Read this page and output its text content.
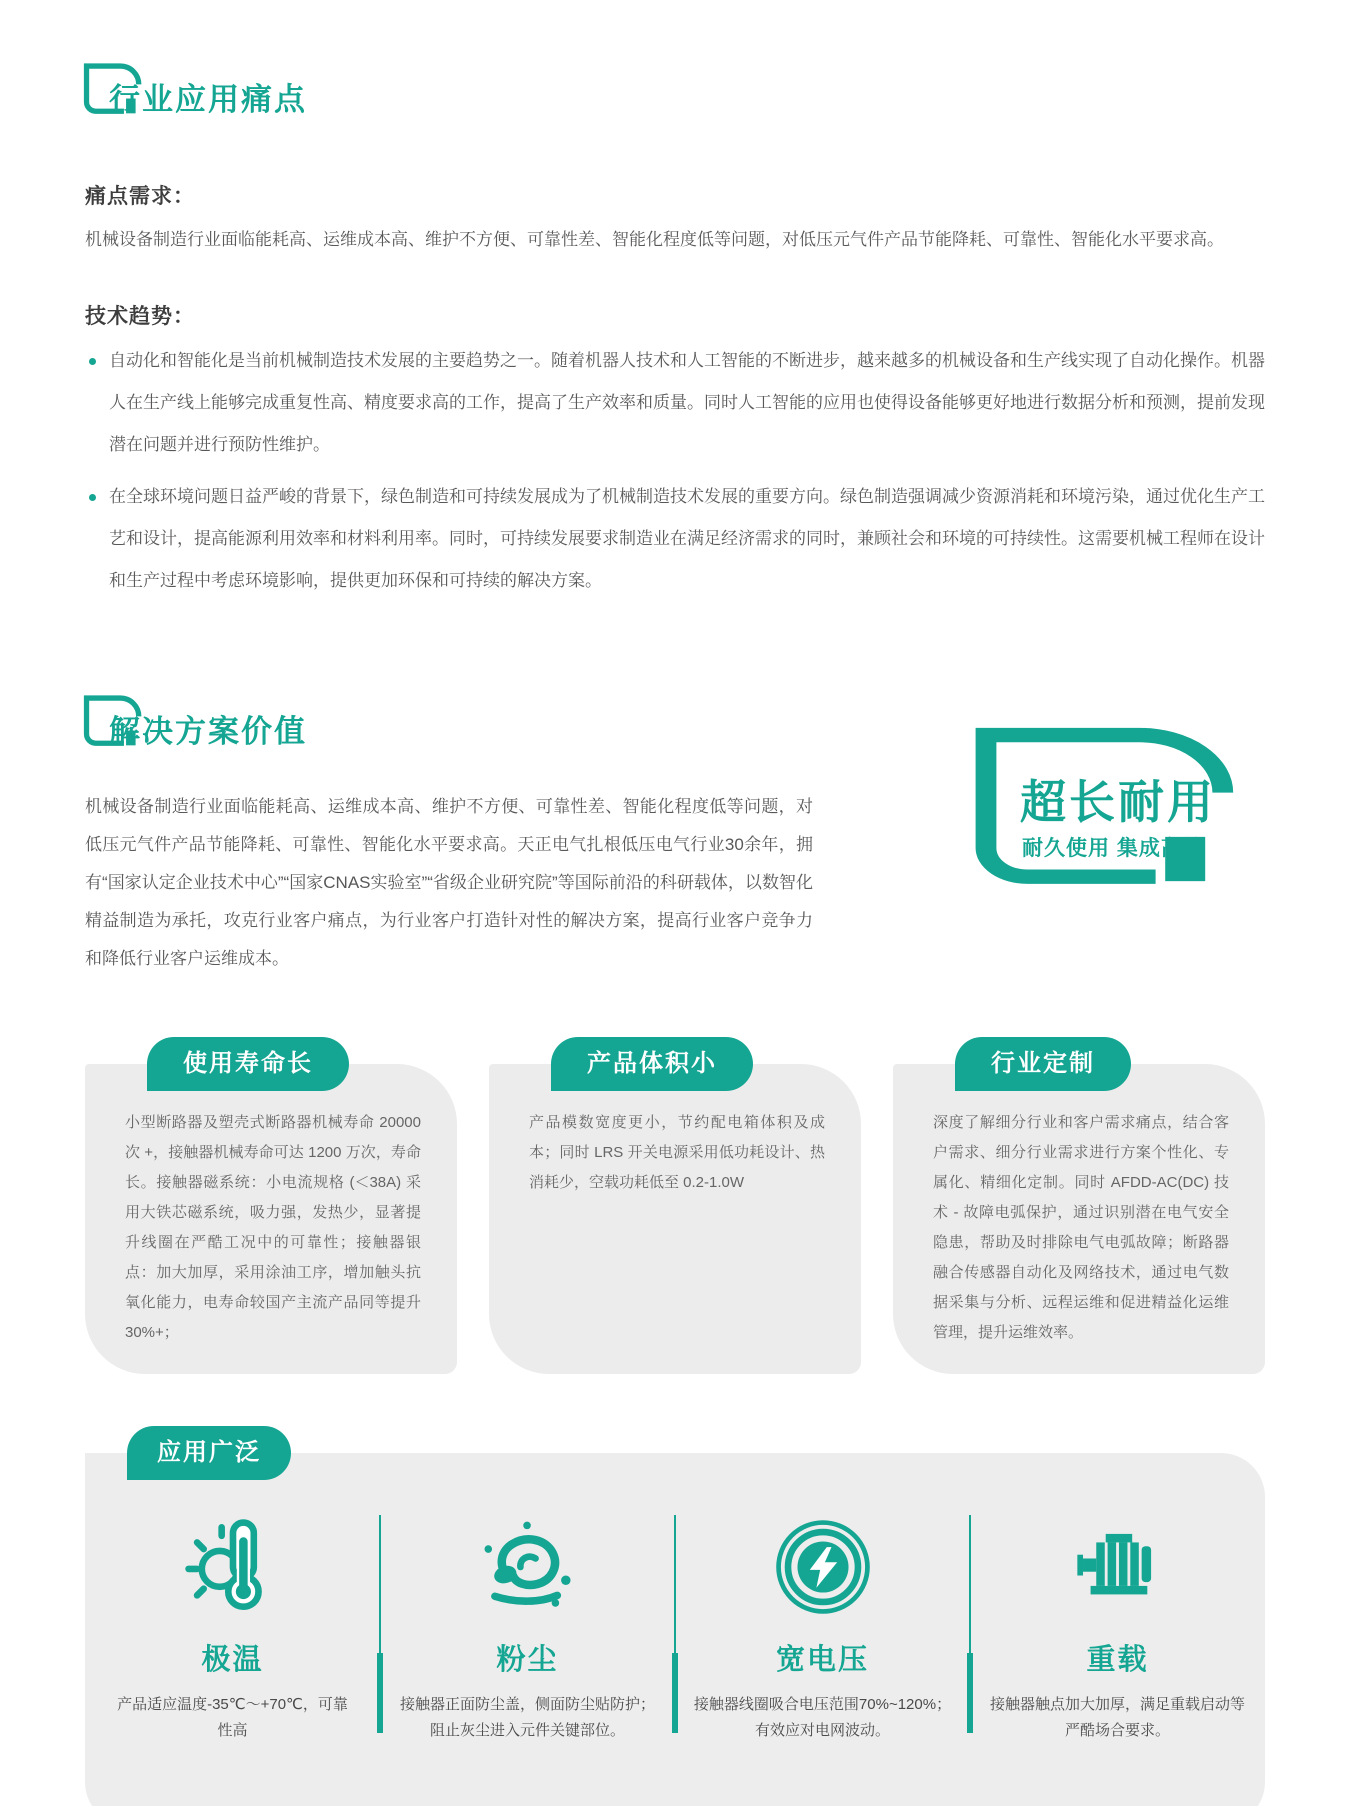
行业应用痛点
痛点需求：

机械设备制造行业面临能耗高、运维成本高、维护不方便、可靠性差、智能化程度低等问题，对低压元气件产品节能降耗、可靠性、智能化水平要求高。

技术趋势：
自动化和智能化是当前机械制造技术发展的主要趋势之一。随着机器人技术和人工智能的不断进步，越来越多的机械设备和生产线实现了自动化操作。机器人在生产线上能够完成重复性高、精度要求高的工作，提高了生产效率和质量。同时人工智能的应用也使得设备能够更好地进行数据分析和预测，提前发现潜在问题并进行预防性维护。
在全球环境问题日益严峻的背景下，绿色制造和可持续发展成为了机械制造技术发展的重要方向。绿色制造强调减少资源消耗和环境污染，通过优化生产工艺和设计，提高能源利用效率和材料利用率。同时，可持续发展要求制造业在满足经济需求的同时，兼顾社会和环境的可持续性。这需要机械工程师在设计和生产过程中考虑环境影响，提供更加环保和可持续的解决方案。
解决方案价值

机械设备制造行业面临能耗高、运维成本高、维护不方便、可靠性差、智能化程度低等问题，对低压元气件产品节能降耗、可靠性、智能化水平要求高。天正电气扎根低压电气行业30余年，拥有“国家认定企业技术中心”“国家CNAS实验室”“省级企业研究院”等国际前沿的科研载体，以数智化精益制造为承托，攻克行业客户痛点，为行业客户打造针对性的解决方案，提高行业客户竞争力和降低行业客户运维成本。

超长耐用
耐久使用 集成高效
使用寿命长

小型断路器及塑壳式断路器机械寿命 20000 次 +，接触器机械寿命可达 1200 万次，寿命长。接触器磁系统：小电流规格 (＜38A) 采用大铁芯磁系统，吸力强，发热少，显著提升线圈在严酷工况中的可靠性；接触器银点：加大加厚，采用涂油工序，增加触头抗氧化能力，电寿命较国产主流产品同等提升 30%+；

产品体积小

产品模数宽度更小，节约配电箱体积及成本；同时 LRS 开关电源采用低功耗设计、热消耗少，空载功耗低至 0.2-1.0W

行业定制

深度了解细分行业和客户需求痛点，结合客户需求、细分行业需求进行方案个性化、专属化、精细化定制。同时 AFDD-AC(DC) 技术 - 故障电弧保护，通过识别潜在电气安全隐患，帮助及时排除电气电弧故障；断路器融合传感器自动化及网络技术，通过电气数据采集与分析、远程运维和促进精益化运维管理，提升运维效率。

应用广泛
极温

产品适应温度-35℃～+70℃，可靠性高

粉尘

接触器正面防尘盖，侧面防尘贴防护；阻止灰尘进入元件关键部位。

宽电压

接触器线圈吸合电压范围70%~120%；有效应对电网波动。

重载

接触器触点加大加厚，满足重载启动等严酷场合要求。
